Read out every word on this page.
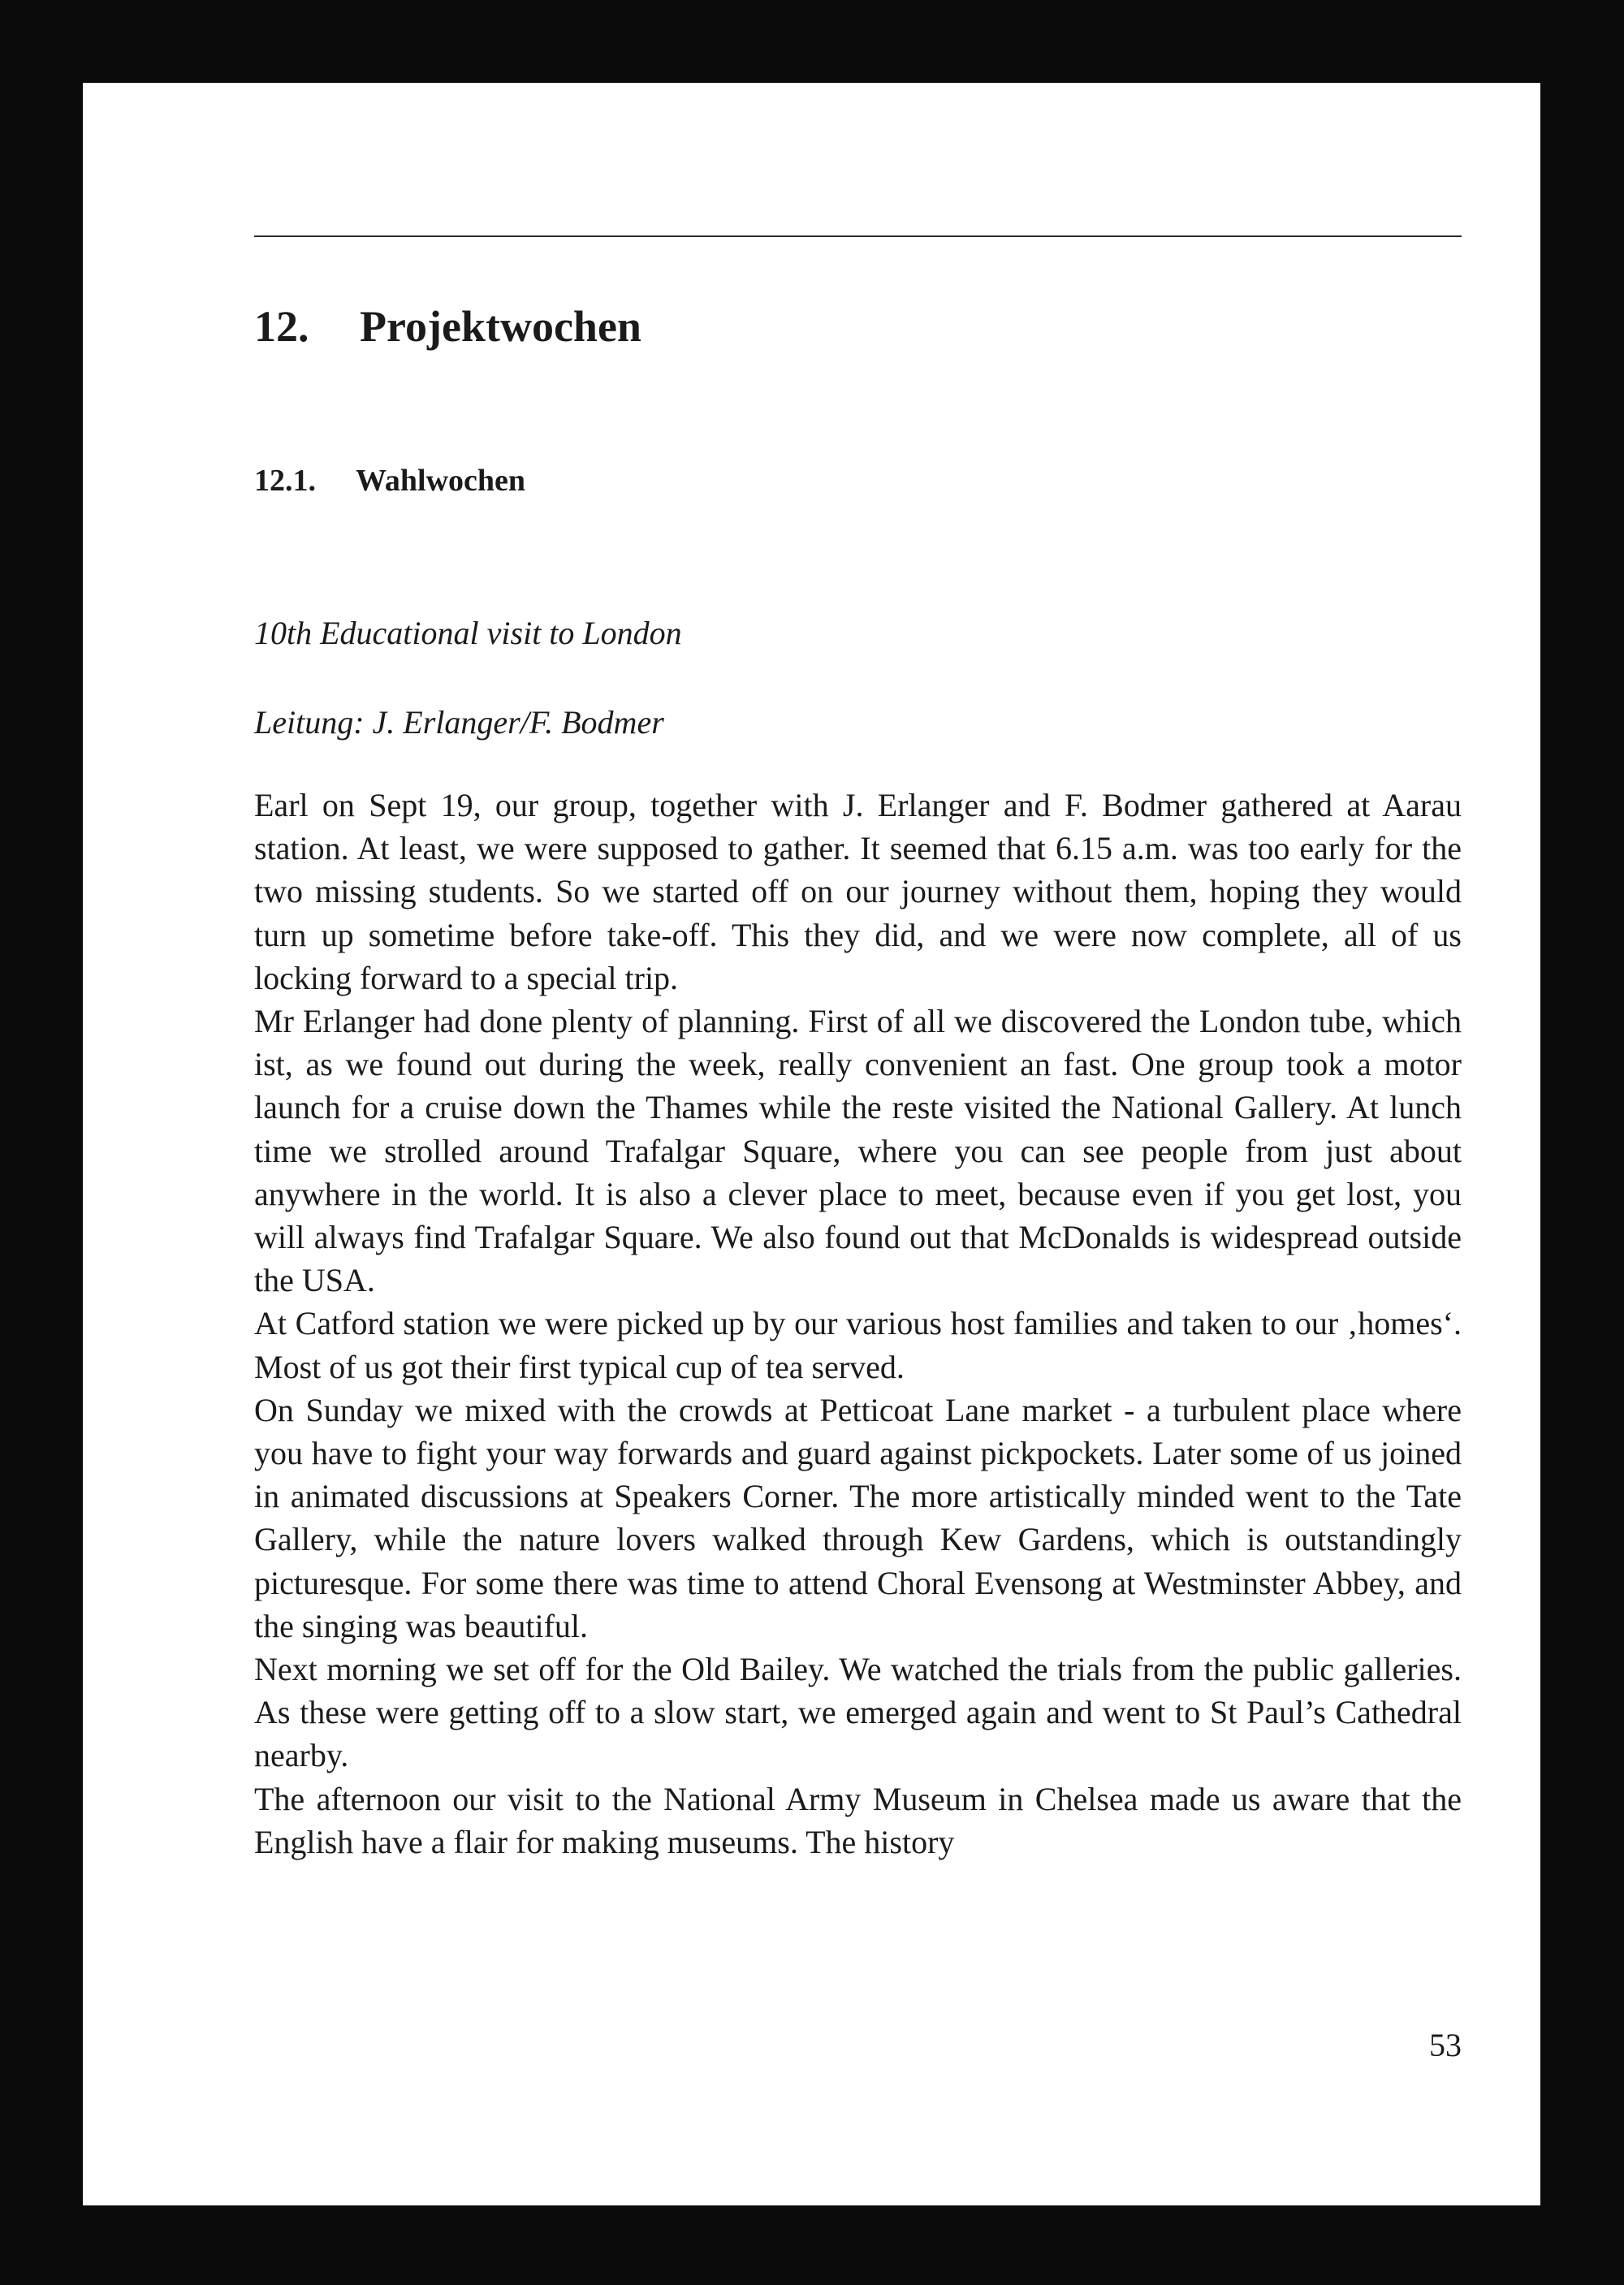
12. Projektwochen
12.1. Wahlwochen

10th Educational visit to London

Leitung: J. Erlanger/F. Bodmer

Earl on Sept 19, our group, together with J. Erlanger and F. Bodmer gathered at Aarau station. At least, we were supposed to gather. It seemed that 6.15 a.m. was too early for the two missing students. So we started off on our journey without them, hoping they would turn up sometime before take-off. This they did, and we were now complete, all of us locking forward to a special trip.

Mr Erlanger had done plenty of planning. First of all we discovered the London tube, which ist, as we found out during the week, really convenient an fast. One group took a motor launch for a cruise down the Thames while the reste visited the National Gallery. At lunch time we strolled around Trafalgar Square, where you can see people from just about anywhere in the world. It is also a clever place to meet, because even if you get lost, you will always find Trafalgar Square. We also found out that McDonalds is widespread outside the USA.

At Catford station we were picked up by our various host families and taken to our ‚homes‘. Most of us got their first typical cup of tea served.

On Sunday we mixed with the crowds at Petticoat Lane market - a turbulent place where you have to fight your way forwards and guard against pickpockets. Later some of us joined in animated discussions at Speakers Corner. The more artistically minded went to the Tate Gallery, while the nature lovers walked through Kew Gardens, which is outstandingly picturesque. For some there was time to attend Choral Evensong at Westminster Abbey, and the singing was beautiful.

Next morning we set off for the Old Bailey. We watched the trials from the public galleries. As these were getting off to a slow start, we emerged again and went to St Paul’s Cathedral nearby.

The afternoon our visit to the National Army Museum in Chelsea made us aware that the English have a flair for making museums. The history

53
